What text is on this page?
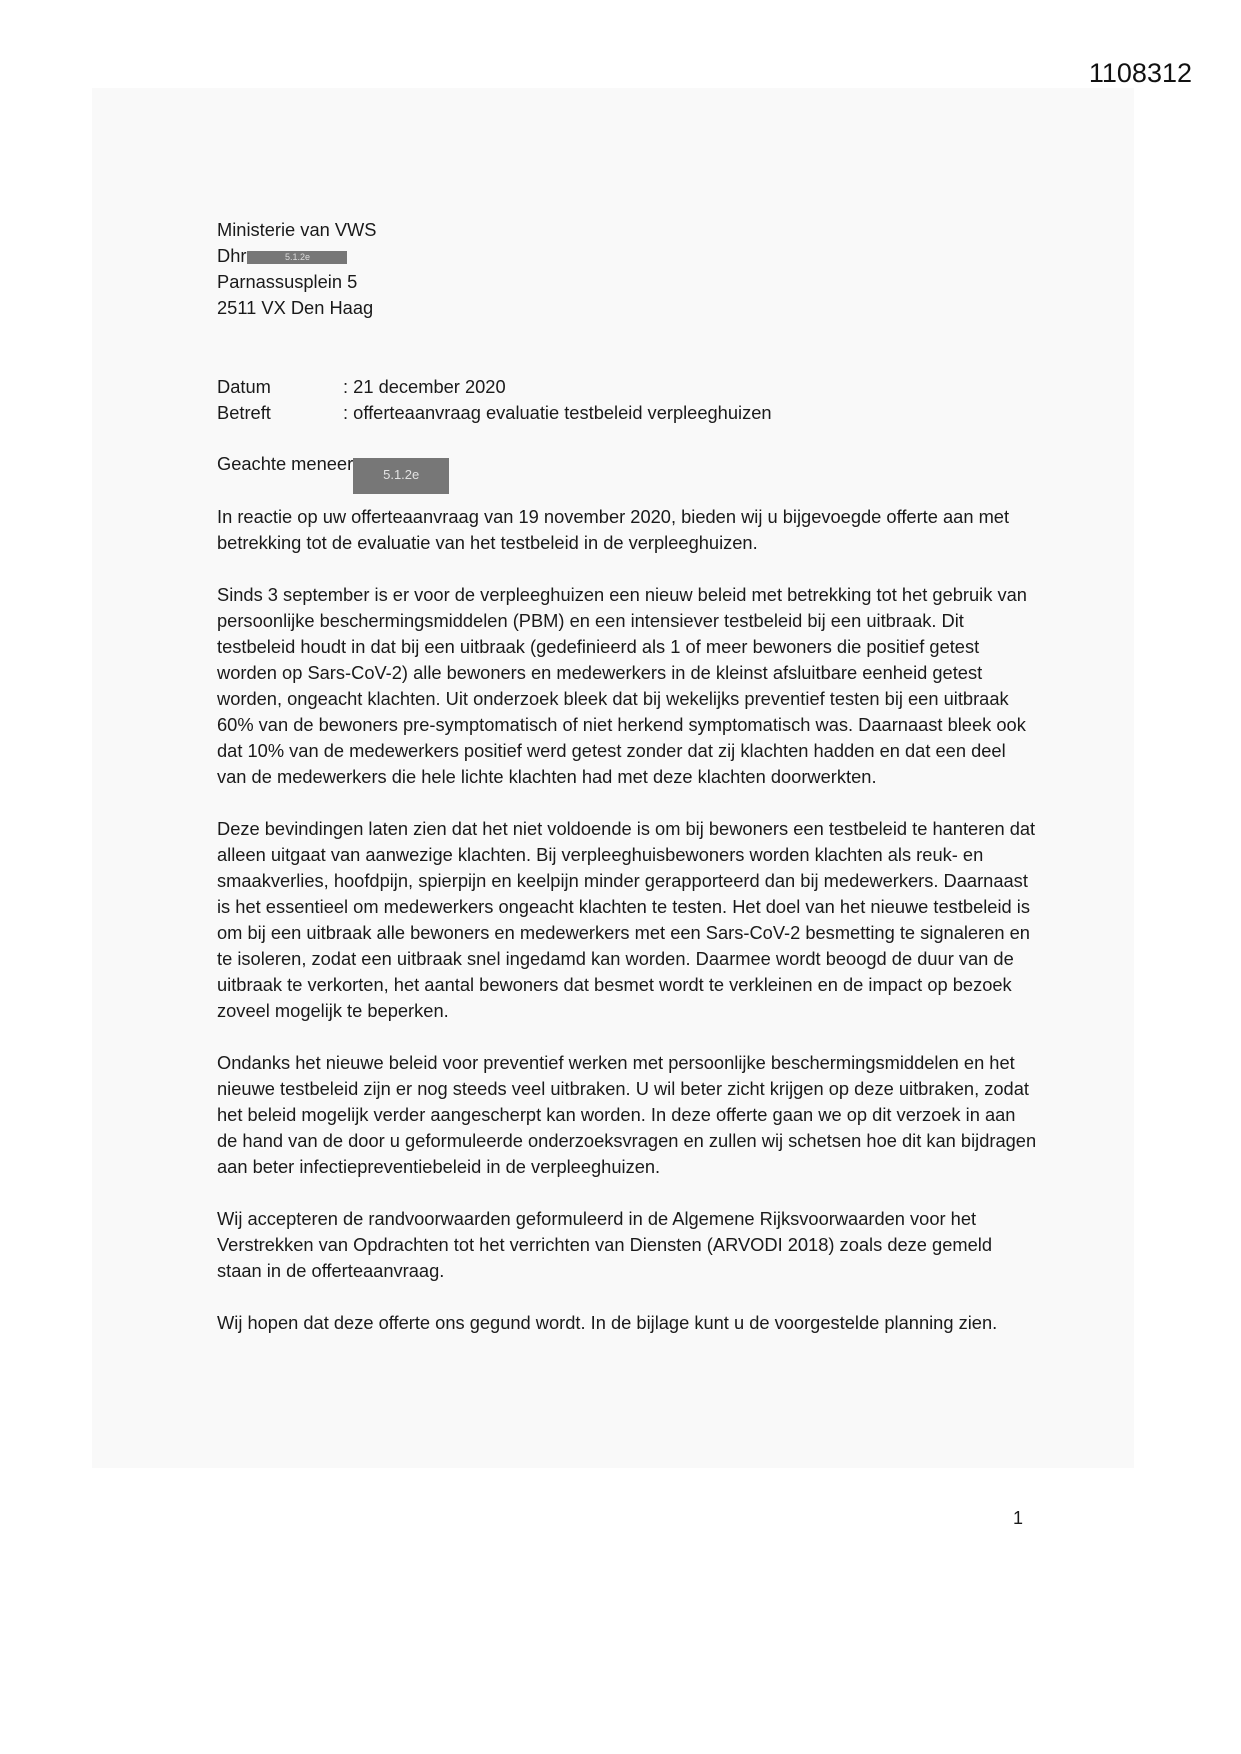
1108312
Ministerie van VWS
Dhr	5.1.2e
Parnassusplein 5
2511 VX Den Haag
Datum	: 21 december 2020
Betreft	: offerteaanvraag evaluatie testbeleid verpleeghuizen
Geachte meneer5.1.2e

In reactie op uw offerteaanvraag van 19 november 2020, bieden wij u bijgevoegde offerte aan met betrekking tot de evaluatie van het testbeleid in de verpleeghuizen.

Sinds 3 september is er voor de verpleeghuizen een nieuw beleid met betrekking tot het gebruik van persoonlijke beschermingsmiddelen (PBM) en een intensiever testbeleid bij een uitbraak. Dit testbeleid houdt in dat bij een uitbraak (gedefinieerd als 1 of meer bewoners die positief getest worden op Sars-CoV-2) alle bewoners en medewerkers in de kleinst afsluitbare eenheid getest worden, ongeacht klachten. Uit onderzoek bleek dat bij wekelijks preventief testen bij een uitbraak 60% van de bewoners pre-symptomatisch of niet herkend symptomatisch was. Daarnaast bleek ook dat 10% van de medewerkers positief werd getest zonder dat zij klachten hadden en dat een deel van de medewerkers die hele lichte klachten had met deze klachten doorwerkten.

Deze bevindingen laten zien dat het niet voldoende is om bij bewoners een testbeleid te hanteren dat alleen uitgaat van aanwezige klachten. Bij verpleeghuisbewoners worden klachten als reuk- en smaakverlies, hoofdpijn, spierpijn en keelpijn minder gerapporteerd dan bij medewerkers. Daarnaast is het essentieel om medewerkers ongeacht klachten te testen. Het doel van het nieuwe testbeleid is om bij een uitbraak alle bewoners en medewerkers met een Sars-CoV-2 besmetting te signaleren en te isoleren, zodat een uitbraak snel ingedamd kan worden. Daarmee wordt beoogd de duur van de uitbraak te verkorten, het aantal bewoners dat besmet wordt te verkleinen en de impact op bezoek zoveel mogelijk te beperken.

Ondanks het nieuwe beleid voor preventief werken met persoonlijke beschermingsmiddelen en het nieuwe testbeleid zijn er nog steeds veel uitbraken. U wil beter zicht krijgen op deze uitbraken, zodat het beleid mogelijk verder aangescherpt kan worden. In deze offerte gaan we op dit verzoek in aan de hand van de door u geformuleerde onderzoeksvragen en zullen wij schetsen hoe dit kan bijdragen aan beter infectiepreventiebeleid in de verpleeghuizen.

Wij accepteren de randvoorwaarden geformuleerd in de Algemene Rijksvoorwaarden voor het Verstrekken van Opdrachten tot het verrichten van Diensten (ARVODI 2018) zoals deze gemeld staan in de offerteaanvraag.

Wij hopen dat deze offerte ons gegund wordt. In de bijlage kunt u de voorgestelde planning zien.

1
